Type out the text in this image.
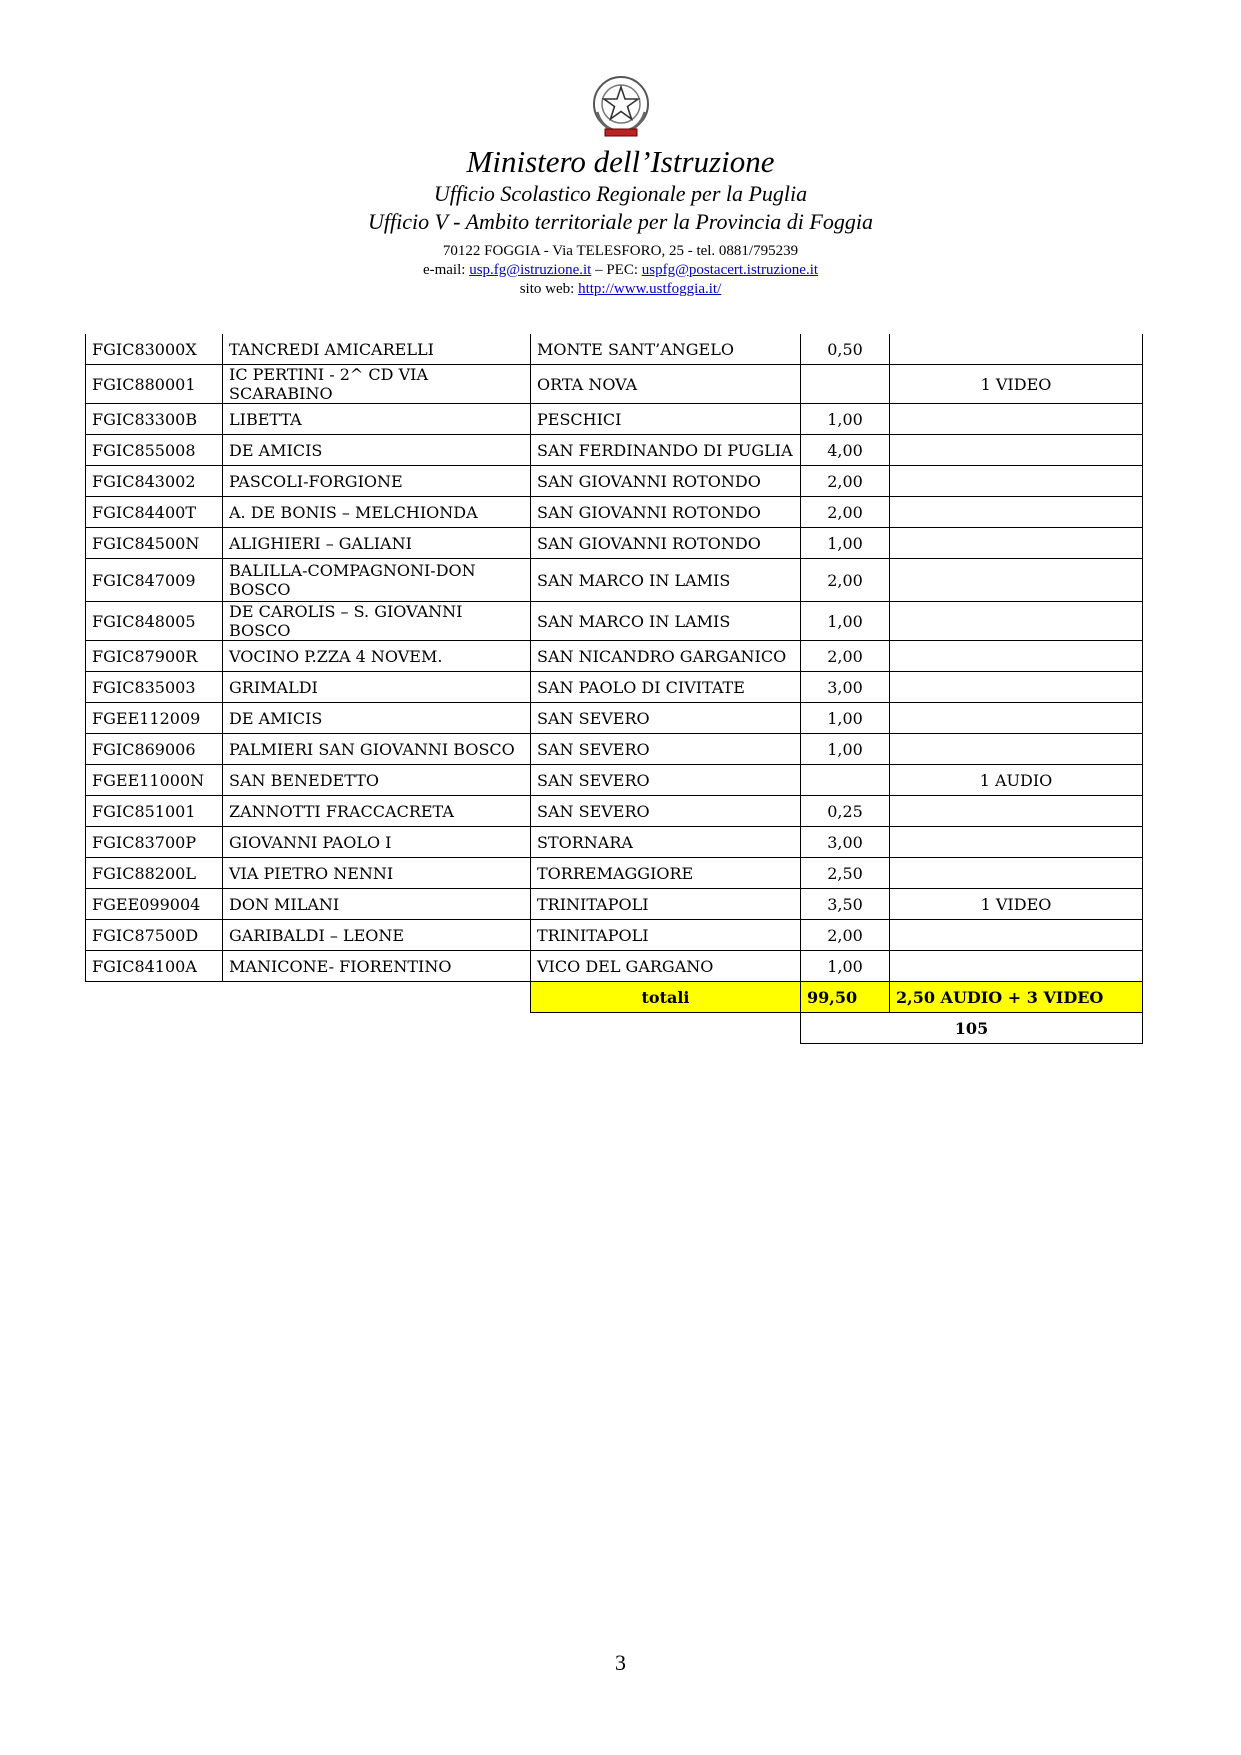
Ministero dell’Istruzione
Ufficio Scolastico Regionale per la Puglia
Ufficio V - Ambito territoriale per la Provincia di Foggia
70122 FOGGIA - Via TELESFORO, 25 - tel. 0881/795239
e-mail: usp.fg@istruzione.it – PEC: uspfg@postacert.istruzione.it
sito web: http://www.ustfoggia.it/
FGIC83000X	TANCREDI AMICARELLI	MONTE SANT’ANGELO	0,50	
FGIC880001	IC PERTINI - 2^ CD VIA SCARABINO	ORTA NOVA		1 VIDEO
FGIC83300B	LIBETTA	PESCHICI	1,00	
FGIC855008	DE AMICIS	SAN FERDINANDO DI PUGLIA	4,00	
FGIC843002	PASCOLI-FORGIONE	SAN GIOVANNI ROTONDO	2,00	
FGIC84400T	A. DE BONIS – MELCHIONDA	SAN GIOVANNI ROTONDO	2,00	
FGIC84500N	ALIGHIERI – GALIANI	SAN GIOVANNI ROTONDO	1,00	
FGIC847009	BALILLA-COMPAGNONI-DON BOSCO	SAN MARCO IN LAMIS	2,00	
FGIC848005	DE CAROLIS – S. GIOVANNI BOSCO	SAN MARCO IN LAMIS	1,00	
FGIC87900R	VOCINO P.ZZA 4 NOVEM.	SAN NICANDRO GARGANICO	2,00	
FGIC835003	GRIMALDI	SAN PAOLO DI CIVITATE	3,00	
FGEE112009	DE AMICIS	SAN SEVERO	1,00	
FGIC869006	PALMIERI SAN GIOVANNI BOSCO	SAN SEVERO	1,00	
FGEE11000N	SAN BENEDETTO	SAN SEVERO		1 AUDIO
FGIC851001	ZANNOTTI FRACCACRETA	SAN SEVERO	0,25	
FGIC83700P	GIOVANNI PAOLO I	STORNARA	3,00	
FGIC88200L	VIA PIETRO NENNI	TORREMAGGIORE	2,50	
FGEE099004	DON MILANI	TRINITAPOLI	3,50	1 VIDEO
FGIC87500D	GARIBALDI – LEONE	TRINITAPOLI	2,00	
FGIC84100A	MANICONE- FIORENTINO	VICO DEL GARGANO	1,00	
		totali	99,50	2,50 AUDIO + 3 VIDEO
			105	
3
